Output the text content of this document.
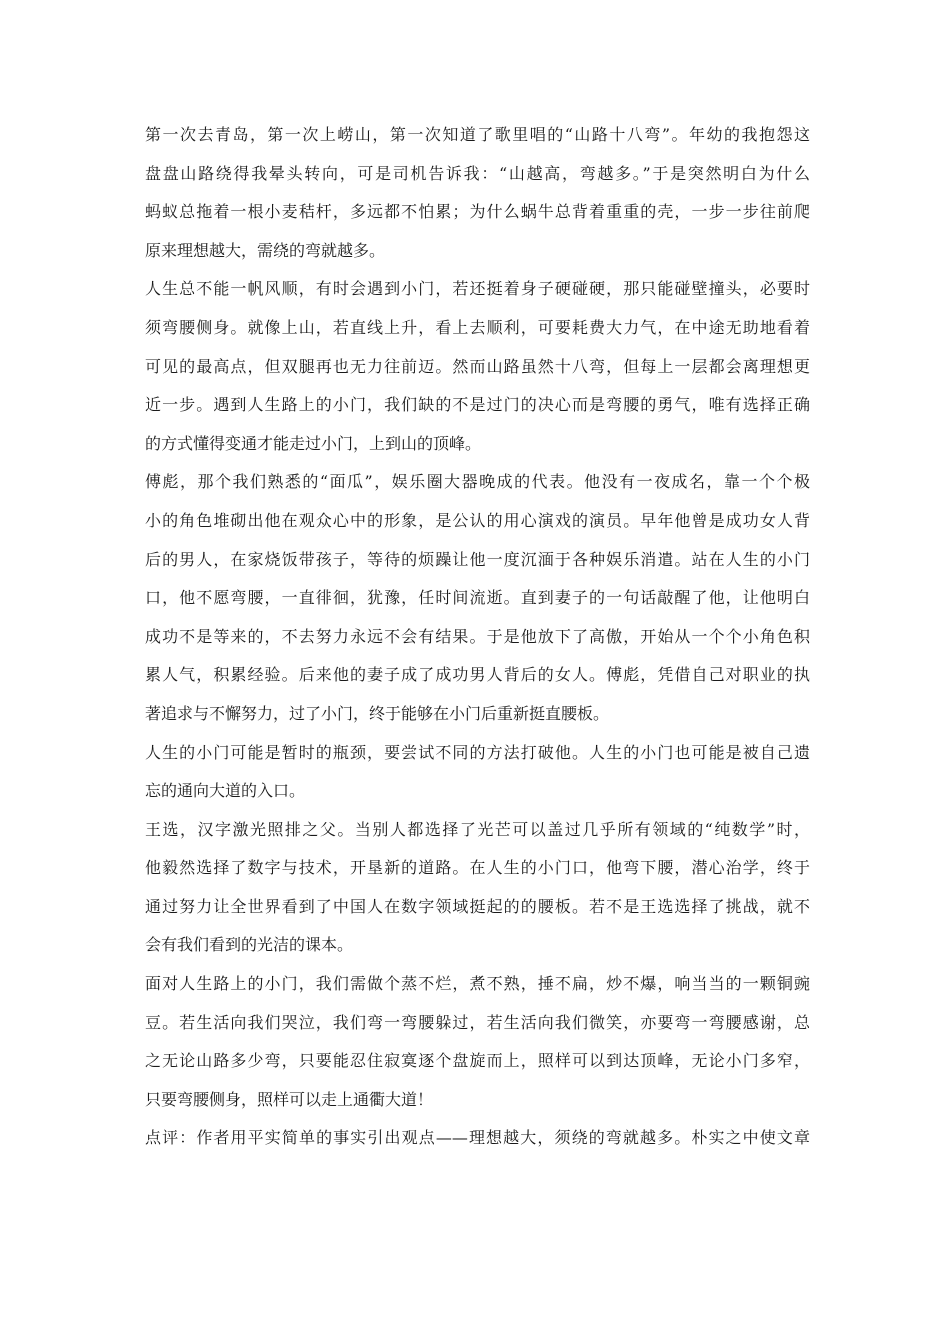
第一次去青岛，第一次上崂山，第一次知道了歌里唱的“山路十八弯”。年幼的我抱怨这
盘盘山路绕得我晕头转向，可是司机告诉我：“山越高，弯越多。”于是突然明白为什么
蚂蚁总拖着一根小麦秸杆，多远都不怕累；为什么蜗牛总背着重重的壳，一步一步往前爬
原来理想越大，需绕的弯就越多。
人生总不能一帆风顺，有时会遇到小门，若还挺着身子硬碰硬，那只能碰壁撞头，必要时
须弯腰侧身。就像上山，若直线上升，看上去顺利，可要耗费大力气，在中途无助地看着
可见的最高点，但双腿再也无力往前迈。然而山路虽然十八弯，但每上一层都会离理想更
近一步。遇到人生路上的小门，我们缺的不是过门的决心而是弯腰的勇气，唯有选择正确
的方式懂得变通才能走过小门，上到山的顶峰。
傅彪，那个我们熟悉的“面瓜”，娱乐圈大器晚成的代表。他没有一夜成名，靠一个个极
小的角色堆砌出他在观众心中的形象，是公认的用心演戏的演员。早年他曾是成功女人背
后的男人，在家烧饭带孩子，等待的烦躁让他一度沉湎于各种娱乐消遣。站在人生的小门
口，他不愿弯腰，一直徘徊，犹豫，任时间流逝。直到妻子的一句话敲醒了他，让他明白
成功不是等来的，不去努力永远不会有结果。于是他放下了高傲，开始从一个个小角色积
累人气，积累经验。后来他的妻子成了成功男人背后的女人。傅彪，凭借自己对职业的执
著追求与不懈努力，过了小门，终于能够在小门后重新挺直腰板。
人生的小门可能是暂时的瓶颈，要尝试不同的方法打破他。人生的小门也可能是被自己遗
忘的通向大道的入口。
王选，汉字激光照排之父。当别人都选择了光芒可以盖过几乎所有领域的“纯数学”时，
他毅然选择了数字与技术，开垦新的道路。在人生的小门口，他弯下腰，潜心治学，终于
通过努力让全世界看到了中国人在数字领域挺起的的腰板。若不是王选选择了挑战，就不
会有我们看到的光洁的课本。
面对人生路上的小门，我们需做个蒸不烂，煮不熟，捶不扁，炒不爆，响当当的一颗铜豌
豆。若生活向我们哭泣，我们弯一弯腰躲过，若生活向我们微笑，亦要弯一弯腰感谢，总
之无论山路多少弯，只要能忍住寂寞逐个盘旋而上，照样可以到达顶峰，无论小门多窄，
只要弯腰侧身，照样可以走上通衢大道！
点评：作者用平实简单的事实引出观点——理想越大，须绕的弯就越多。朴实之中使文章
